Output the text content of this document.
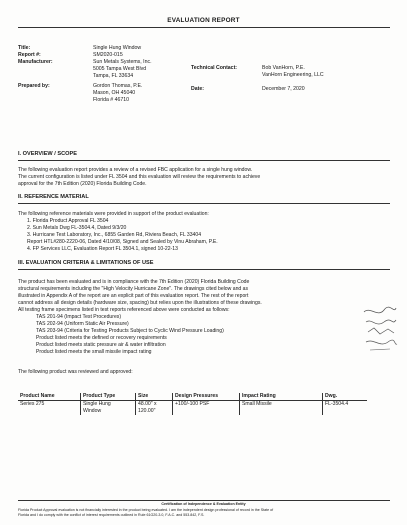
EVALUATION REPORT
Title:	Single Hung Window
Report #:	SM2020-015
Manufacturer:	Sun Metals Systems, Inc.
5005 Tampa West Blvd
Tampa, FL 33634
Prepared by:	Gordon Thomas, P.E.
Mason, OH 45040
Florida # 46710
Technical Contact:	Bob VanHorn, P.E.
VanHorn Engineering, LLC
Date:	December 7, 2020
I. OVERVIEW / SCOPE
The following evaluation report provides a review of a revised FBC application for a single hung window.
The current configuration is listed under FL 3504 and this evaluation will review the requirements to achieve
approval for the 7th Edition (2020) Florida Building Code.
II. REFERENCE MATERIAL
The following reference materials were provided in support of the product evaluation:
1. Florida Product Approval FL 3504
2. Sun Metals Dwg FL-3504.4, Dated 9/3/20
3. Hurricane Test Laboratory, Inc., 6855 Garden Rd, Riviera Beach, FL 33404
Report HTL#280-2220-06, Dated 4/10/08, Signed and Sealed by Vinu Abraham, P.E.
4. FP Services LLC, Evaluation Report FL 3504.1, signed 10-22-13
III. EVALUATION CRITERIA & LIMITATIONS OF USE
The product has been evaluated and is in compliance with the 7th Edition (2020) Florida Building Code
structural requirements including the "High Velocity Hurricane Zone". The drawings cited below and as
illustrated in Appendix A of the report are an explicit part of this evaluation report. The rest of the report
cannot address all design details (hardware size, spacing) but relies upon the illustrations of these drawings.
All testing frame specimens listed in test reports referenced above were conducted as follows:
TAS 201-94 (Impact Test Procedures)
TAS 202-94 (Uniform Static Air Pressure)
TAS 203-94 (Criteria for Testing Products Subject to Cyclic Wind Pressure Loading)
Product listed meets the defined or recovery requirements
Product listed meets static pressure air & water infiltration
Product listed meets the small missile impact rating
The following product was reviewed and approved:
Product Name	Product Type	Size	Design Pressures	Impact Rating	Dwg.
Series 275	Single Hung	48.00" x	+100/-100 PSF	Small Missile	FL-3504.4
	Window	120.00"			
Certification of Independence & Evaluation Entity
Florida Product Approval evaluation is not financially interested in the product being evaluated. I am the independent design professional of record in the State of
Florida and I do comply with the conflict of interest requirements outlined in Rule 61G20-3.0, F.A.C. and 553.842, F.S.
